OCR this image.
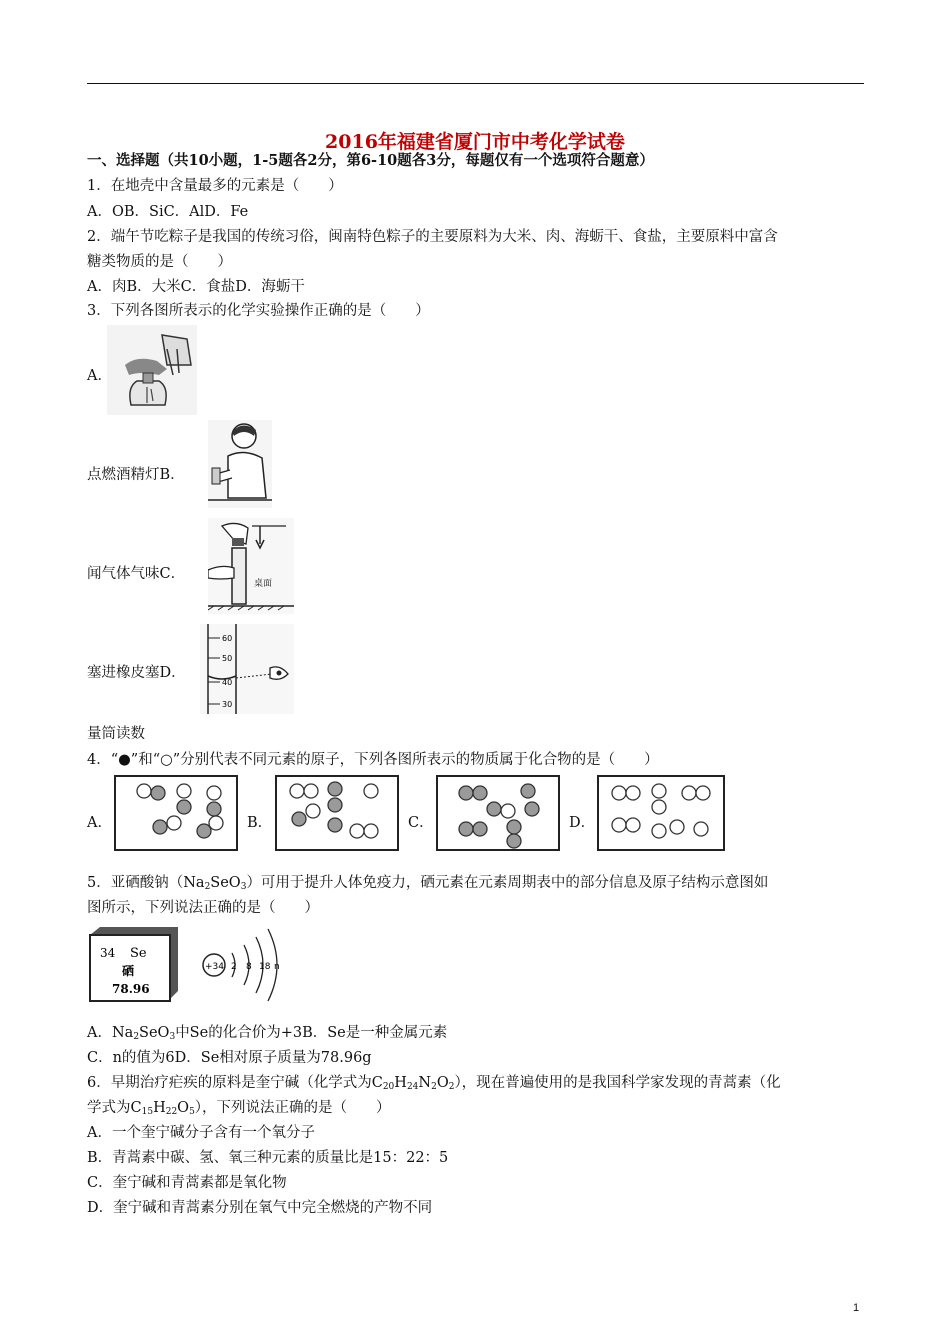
2016年福建省厦门市中考化学试卷
一、选择题（共10小题，1-5题各2分，第6-10题各3分，每题仅有一个选项符合题意）
1．在地壳中含量最多的元素是（　　）
A．OB．SiC．AlD．Fe
2．端午节吃粽子是我国的传统习俗，闽南特色粽子的主要原料为大米、肉、海蛎干、食盐，主要原料中富含
糖类物质的是（　　）
A．肉B．大米C．食盐D．海蛎干
3．下列各图所表示的化学实验操作正确的是（　　）
A．
点燃酒精灯B．
桌面
闻气体气味C．
60
50
40
30
塞进橡皮塞D．
量筒读数
4．“●”和“○”分别代表不同元素的原子，下列各图所表示的物质属于化合物的是（　　）
A．	B．	C．	D．
5．亚硒酸钠$(Na_2SeO_3)$可用于提升人体免疫力，硒元素在元素周期表中的部分信息及原子结构示意图如
图所示，下列说法正确的是（　　）
34 Se
硒
78.96
+34 2 8 18 n
A．$Na_2SeO_3$中Se的化合价为+3B．Se是一种金属元素
C．n的值为6D．Se相对原子质量为78.96g
6．早期治疗疟疾的原料是奎宁碱（化学式为$C_{20}H_{24}N_2O_2$），现在普遍使用的是我国科学家发现的青蒿素（化
学式为$C_{15}H_{22}O_5$），下列说法正确的是（　　）
A．一个奎宁碱分子含有一个氧分子
B．青蒿素中碳、氢、氧三种元素的质量比是15：22：5
C．奎宁碱和青蒿素都是氧化物
D．奎宁碱和青蒿素分别在氧气中完全燃烧的产物不同
1
